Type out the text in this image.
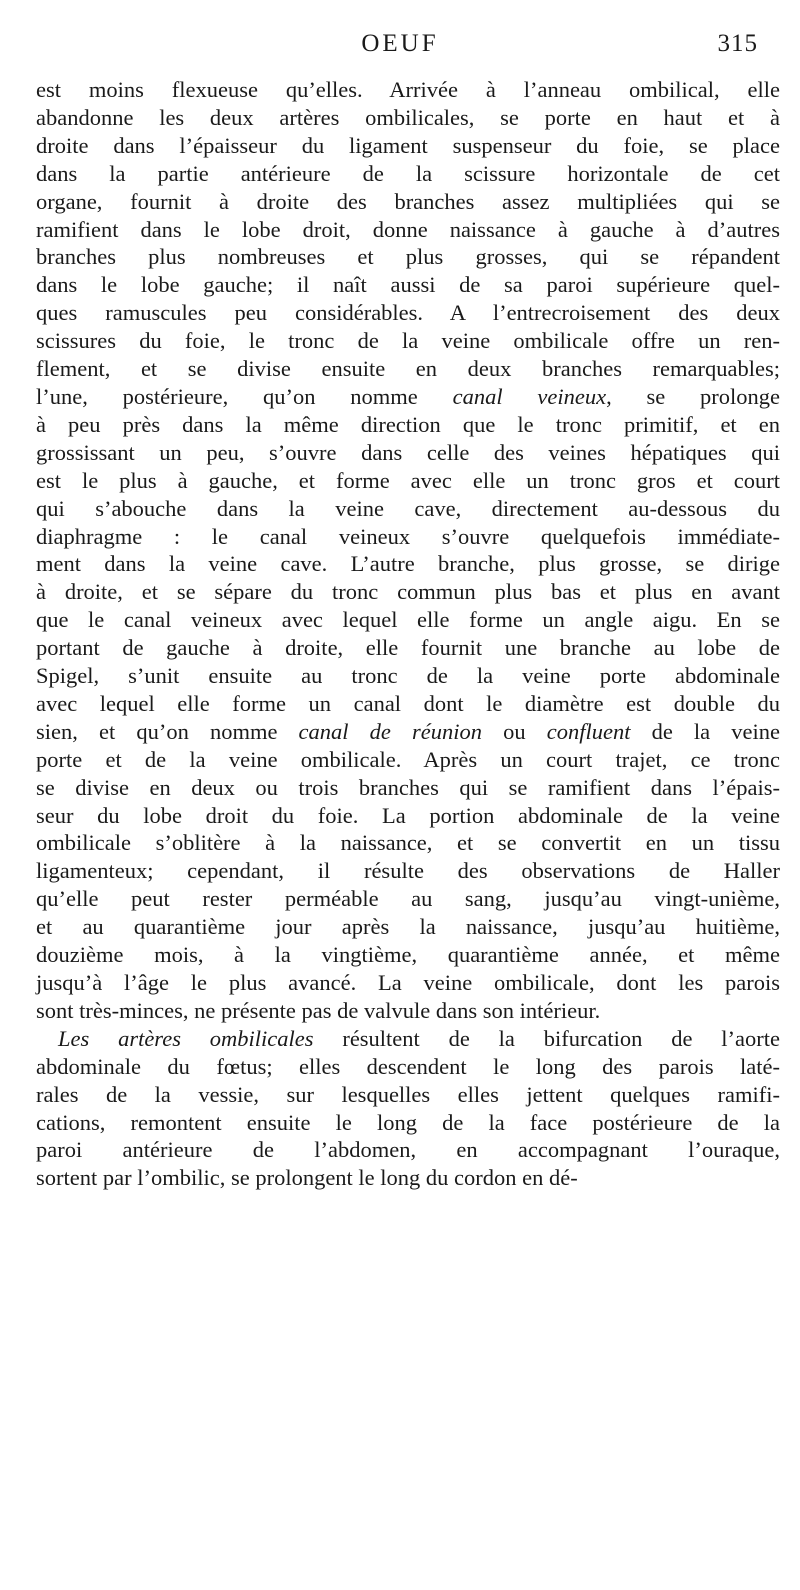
OEUF	315
est moins flexueuse qu’elles. Arrivée à l’anneau ombilical, elle
abandonne les deux artères ombilicales, se porte en haut et à
droite dans l’épaisseur du ligament suspenseur du foie, se place
dans la partie antérieure de la scissure horizontale de cet
organe, fournit à droite des branches assez multipliées qui se
ramifient dans le lobe droit, donne naissance à gauche à d’autres
branches plus nombreuses et plus grosses, qui se répandent
dans le lobe gauche; il naît aussi de sa paroi supérieure quel-
ques ramuscules peu considérables. A l’entrecroisement des deux
scissures du foie, le tronc de la veine ombilicale offre un ren-
flement, et se divise ensuite en deux branches remarquables;
l’une, postérieure, qu’on nomme canal veineux, se prolonge
à peu près dans la même direction que le tronc primitif, et en
grossissant un peu, s’ouvre dans celle des veines hépatiques qui
est le plus à gauche, et forme avec elle un tronc gros et court
qui s’abouche dans la veine cave, directement au-dessous du
diaphragme : le canal veineux s’ouvre quelquefois immédiate-
ment dans la veine cave. L’autre branche, plus grosse, se dirige
à droite, et se sépare du tronc commun plus bas et plus en avant
que le canal veineux avec lequel elle forme un angle aigu. En se
portant de gauche à droite, elle fournit une branche au lobe de
Spigel, s’unit ensuite au tronc de la veine porte abdominale
avec lequel elle forme un canal dont le diamètre est double du
sien, et qu’on nomme canal de réunion ou confluent de la veine
porte et de la veine ombilicale. Après un court trajet, ce tronc
se divise en deux ou trois branches qui se ramifient dans l’épais-
seur du lobe droit du foie. La portion abdominale de la veine
ombilicale s’oblitère à la naissance, et se convertit en un tissu
ligamenteux; cependant, il résulte des observations de Haller
qu’elle peut rester perméable au sang, jusqu’au vingt-unième,
et au quarantième jour après la naissance, jusqu’au huitième,
douzième mois, à la vingtième, quarantième année, et même
jusqu’à l’âge le plus avancé. La veine ombilicale, dont les parois
sont très-minces, ne présente pas de valvule dans son intérieur.
Les artères ombilicales résultent de la bifurcation de l’aorte
abdominale du fœtus; elles descendent le long des parois laté-
rales de la vessie, sur lesquelles elles jettent quelques ramifi-
cations, remontent ensuite le long de la face postérieure de la
paroi antérieure de l’abdomen, en accompagnant l’ouraque,
sortent par l’ombilic, se prolongent le long du cordon en dé-
